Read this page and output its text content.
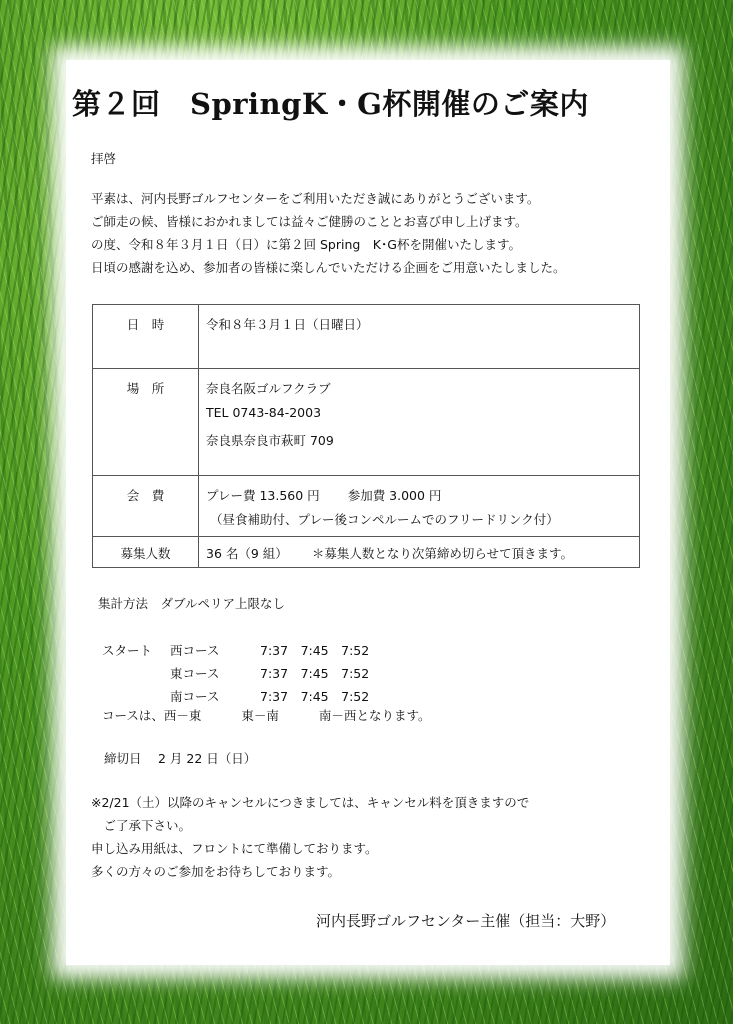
第２回　SpringK・G杯開催のご案内
拝啓
平素は、河内長野ゴルフセンターをご利用いただき誠にありがとうございます。
ご師走の候、皆様におかれましては益々ご健勝のこととお喜び申し上げます。
の度、令和８年３月１日（日）に第２回 Spring　K･G杯を開催いたします。
日頃の感謝を込め、参加者の皆様に楽しんでいただける企画をご用意いたしました。
日　時	令和８年３月１日（日曜日）
場　所	奈良名阪ゴルフクラブ
TEL 0743-84-2003
奈良県奈良市萩町 709

会　費	プレー費 13.560 円 参加費 3.000 円
（昼食補助付、プレー後コンペルームでのフリードリンク付）

募集人数	36 名（9 組） ＊募集人数となり次第締め切らせて頂きます。
集計方法　ダブルペリア上限なし
スタート 西コース	7:37　7:45　7:52
東コース	7:37　7:45　7:52
南コース	7:37　7:45　7:52
コースは、西－東	東－南	南－西となります。
締切日　 2 月 22 日（日）
※2/21（土）以降のキャンセルにつきましては、キャンセル料を頂きますので
　ご了承下さい。
申し込み用紙は、フロントにて準備しております。
多くの方々のご参加をお待ちしております。
河内長野ゴルフセンター主催（担当：大野）
